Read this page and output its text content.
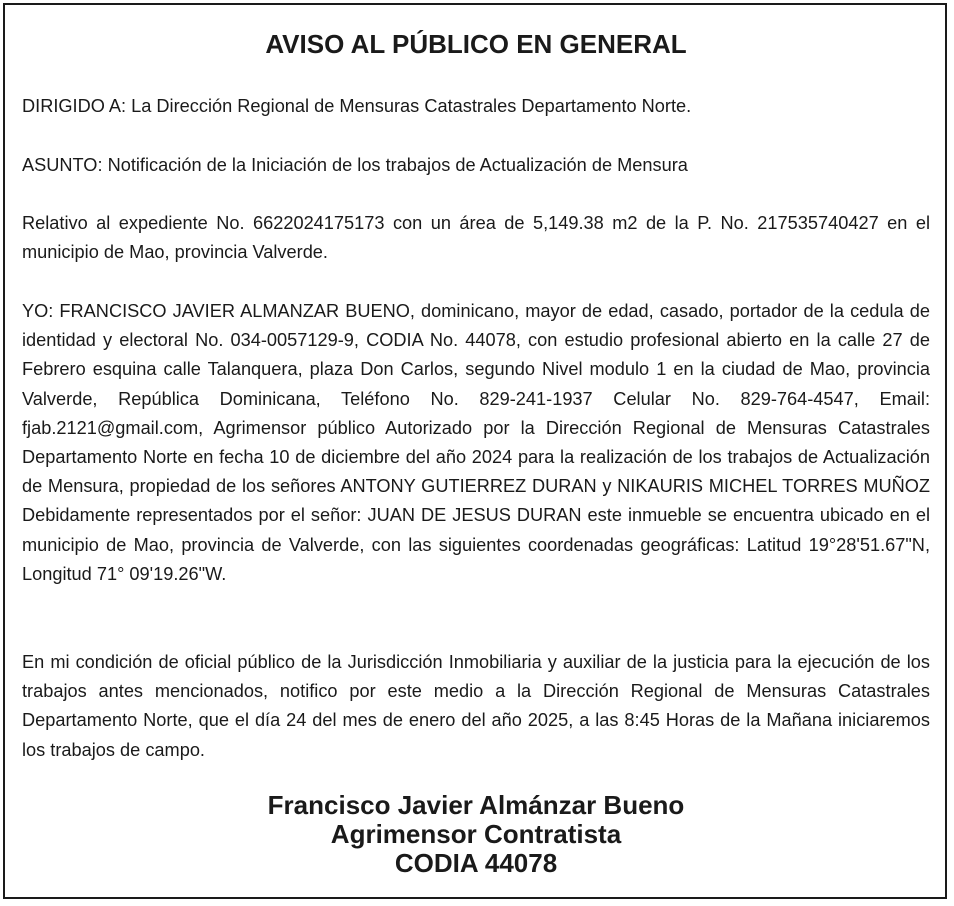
AVISO AL PÚBLICO EN GENERAL

DIRIGIDO A: La Dirección Regional de Mensuras Catastrales Departamento Norte.

ASUNTO: Notificación de la Iniciación de los trabajos de Actualización de Mensura

Relativo al expediente No. 6622024175173 con un área de 5,149.38 m2 de la P. No. 217535740427 en el municipio de Mao, provincia Valverde.

YO: FRANCISCO JAVIER ALMANZAR BUENO, dominicano, mayor de edad, casado, portador de la cedula de identidad y electoral No. 034-0057129-9, CODIA No. 44078, con estudio profesional abierto en la calle 27 de Febrero esquina calle Talanquera, plaza Don Carlos, segundo Nivel modulo 1 en la ciudad de Mao, provincia Valverde, República Dominicana, Teléfono No. 829-241-1937 Celular No. 829-764-4547, Email: fjab.2121@gmail.com, Agrimensor público Autorizado por la Dirección Regional de Mensuras Catastrales Departamento Norte en fecha 10 de diciembre del año 2024 para la realización de los trabajos de Actualización de Mensura, propiedad de los señores ANTONY GUTIERREZ DURAN y NIKAURIS MICHEL TORRES MUÑOZ Debidamente representados por el señor: JUAN DE JESUS DURAN este inmueble se encuentra ubicado en el municipio de Mao, provincia de Valverde, con las siguientes coordenadas geográficas: Latitud 19°28'51.67"N, Longitud 71° 09'19.26"W.

En mi condición de oficial público de la Jurisdicción Inmobiliaria y auxiliar de la justicia para la ejecución de los trabajos antes mencionados, notifico por este medio a la Dirección Regional de Mensuras Catastrales Departamento Norte, que el día 24 del mes de enero del año 2025, a las 8:45 Horas de la Mañana iniciaremos los trabajos de campo.

Francisco Javier Almánzar Bueno
Agrimensor Contratista
CODIA 44078
